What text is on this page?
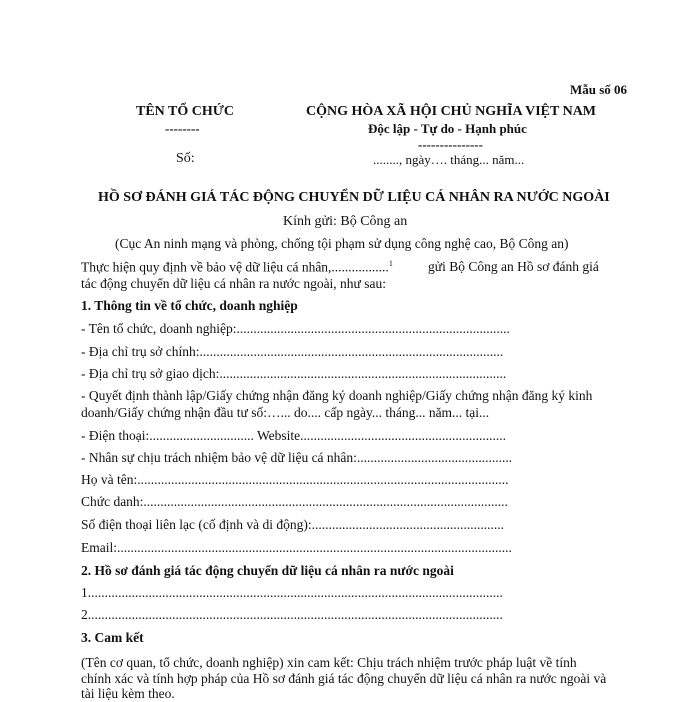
Mẫu số 06
TÊN TỔ CHỨC
--------
Số:
CỘNG HÒA XÃ HỘI CHỦ NGHĨA VIỆT NAM
Độc lập - Tự do - Hạnh phúc
---------------
........, ngày…. tháng... năm...
HỒ SƠ ĐÁNH GIÁ TÁC ĐỘNG CHUYỂN DỮ LIỆU CÁ NHÂN RA NƯỚC NGOÀI
Kính gửi: Bộ Công an
(Cục An ninh mạng và phòng, chống tội phạm sử dụng công nghệ cao, Bộ Công an)
Thực hiện quy định về bảo vệ dữ liệu cá nhân,.................$^1$	gửi Bộ Công an Hồ sơ đánh giá
tác động chuyển dữ liệu cá nhân ra nước ngoài, như sau:
1. Thông tin về tổ chức, doanh nghiệp
- Tên tổ chức, doanh nghiệp:.................................................................................
- Địa chỉ trụ sở chính:..........................................................................................
- Địa chỉ trụ sở giao dịch:.....................................................................................
- Quyết định thành lập/Giấy chứng nhận đăng ký doanh nghiệp/Giấy chứng nhận đăng ký kinh
doanh/Giấy chứng nhận đầu tư số:…... do.... cấp ngày... tháng... năm... tại...
- Điện thoại:............................... Website.............................................................
- Nhân sự chịu trách nhiệm bảo vệ dữ liệu cá nhân:..............................................
Họ và tên:..............................................................................................................
Chức danh:............................................................................................................
Số điện thoại liên lạc (cố định và di động):.........................................................
Email:.....................................................................................................................
2. Hồ sơ đánh giá tác động chuyển dữ liệu cá nhân ra nước ngoài
1...........................................................................................................................
2...........................................................................................................................
3. Cam kết
(Tên cơ quan, tổ chức, doanh nghiệp) xin cam kết: Chịu trách nhiệm trước pháp luật về tính
chính xác và tính hợp pháp của Hồ sơ đánh giá tác động chuyển dữ liệu cá nhân ra nước ngoài và
tài liệu kèm theo.
